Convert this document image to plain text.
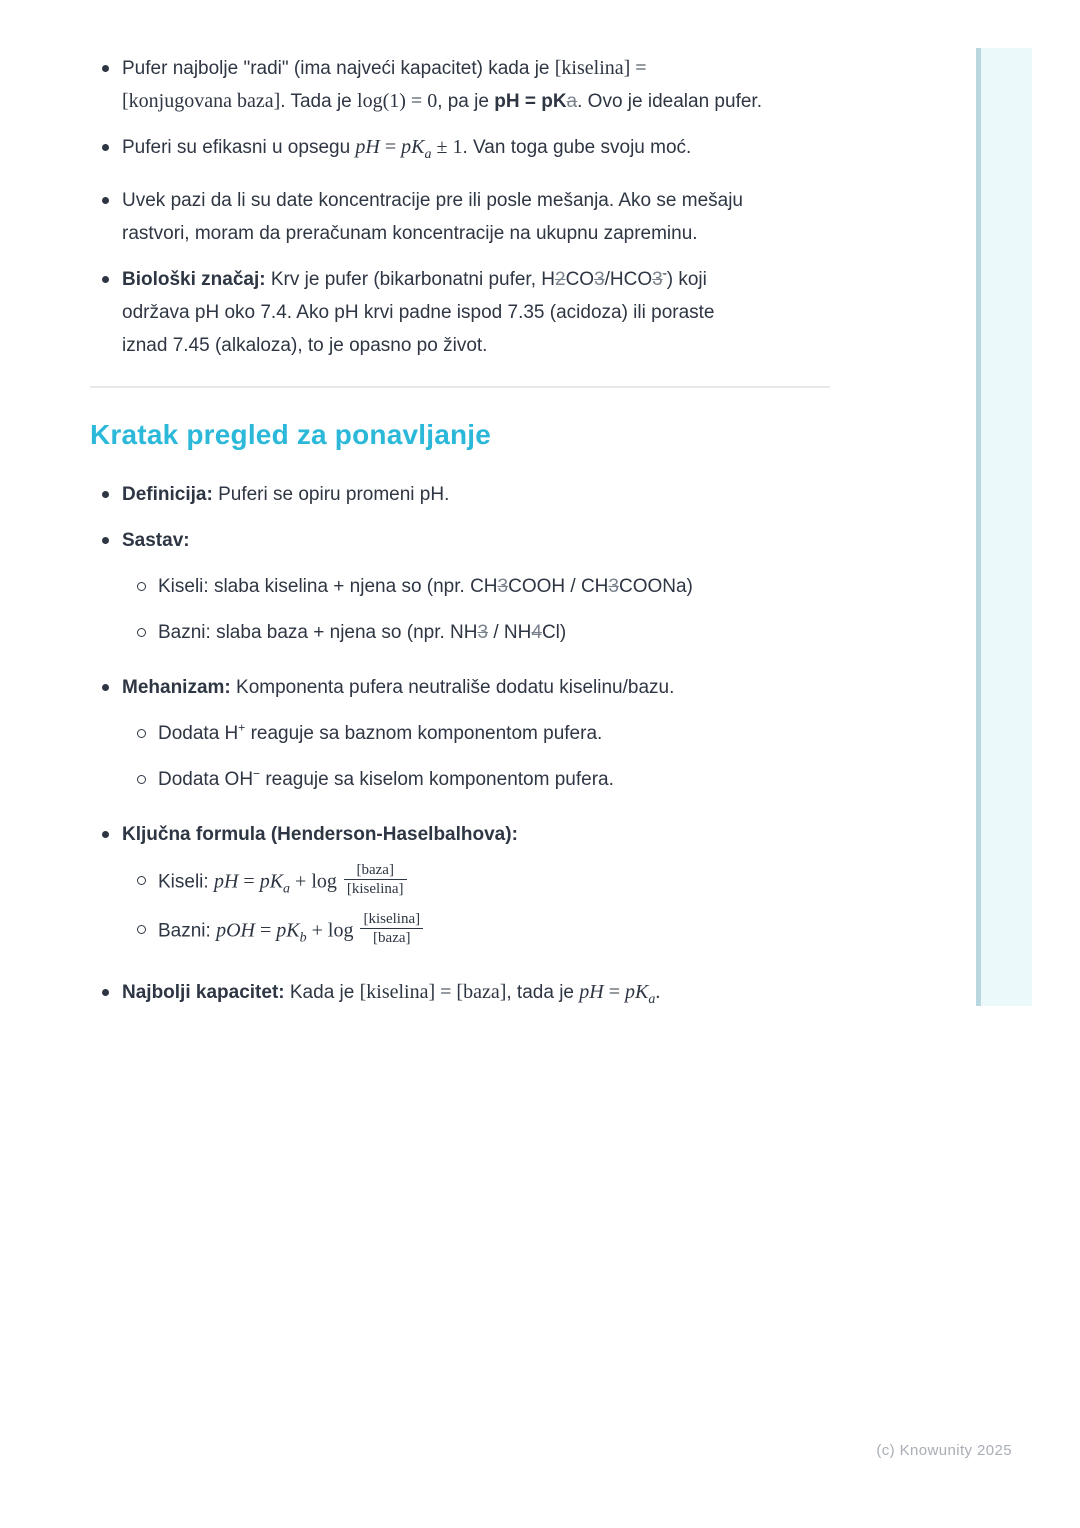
Pufer najbolje "radi" (ima najveći kapacitet) kada je [kiselina] =
[konjugovana baza]. Tada je log(1) = 0, pa je pH = pKa. Ovo je idealan pufer.
Puferi su efikasni u opsegu pH = $pK_a \pm 1$. Van toga gube svoju moć.
Uvek pazi da li su date koncentracije pre ili posle mešanja. Ako se mešaju
rastvori, moram da preračunam koncentracije na ukupnu zapreminu.
Biološki značaj: Krv je pufer (bikarbonatni pufer, H2CO3/HCO3-) koji
održava pH oko 7.4. Ako pH krvi padne ispod 7.35 (acidoza) ili poraste
iznad 7.45 (alkaloza), to je opasno po život.
Kratak pregled za ponavljanje
Definicija: Puferi se opiru promeni pH.
Sastav:
Kiseli: slaba kiselina + njena so (npr. CH3COOH / CH3COONa)
Bazni: slaba baza + njena so (npr. NH3 / NH4Cl)
Mehanizam: Komponenta pufera neutrališe dodatu kiselinu/bazu.
Dodata H+ reaguje sa baznom komponentom pufera.
Dodata OH− reaguje sa kiselom komponentom pufera.
Ključna formula (Henderson-Haselbalhova):
Kiseli: pH = $pK_a + \log \frac{\text{[baza]}}{\text{[kiselina]}}$
Bazni: pOH = $pK_b + \log \frac{\text{[kiselina]}}{\text{[baza]}}$
Najbolji kapacitet: Kada je [kiselina] = [baza], tada je pH = $pK_a$.
(c) Knowunity 2025
